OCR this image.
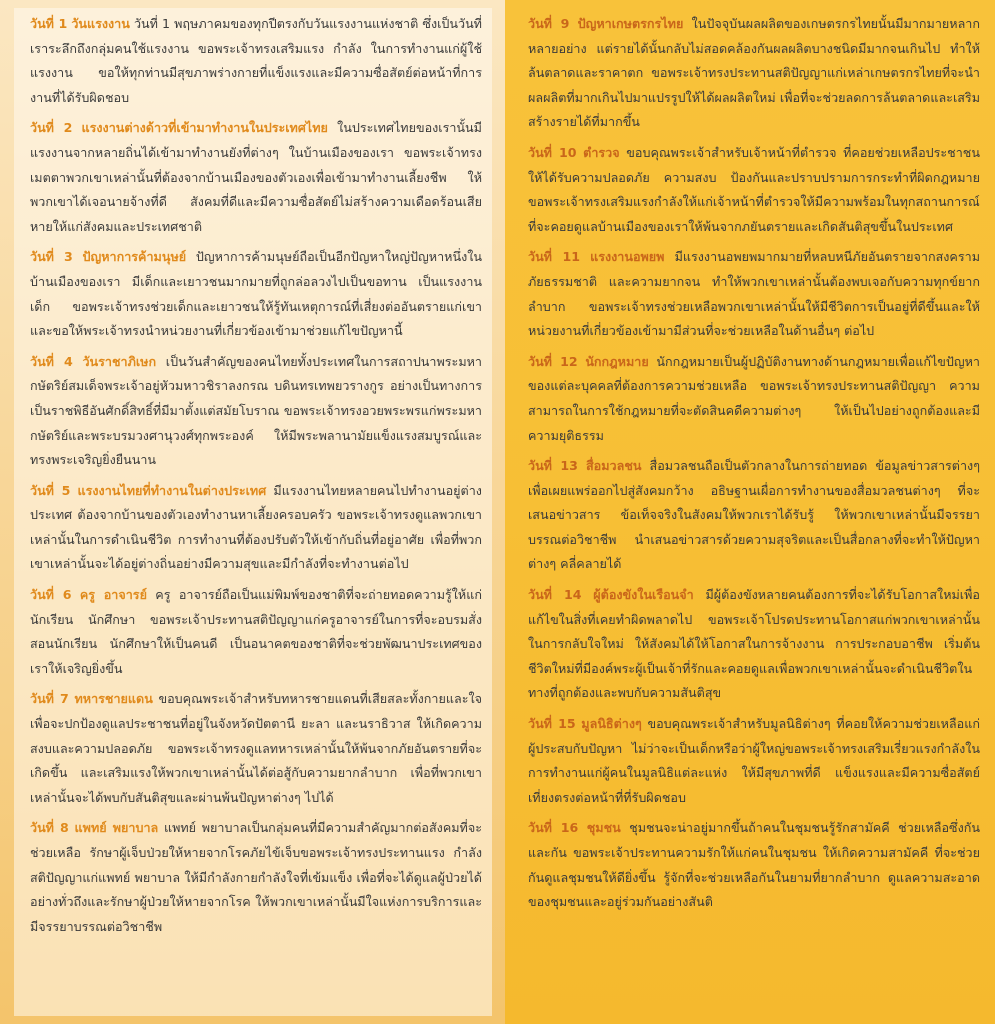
วันที่ 1 วันแรงงาน วันที่ 1 พฤษภาคมของทุกปีตรงกับวันแรงงานแห่งชาติ ซึ่งเป็นวันที่เราระลึกถึงกลุ่มคนใช้แรงงาน ขอพระเจ้าทรงเสริมแรง กำลัง ในการทำงานแก่ผู้ใช้แรงงาน ขอให้ทุกท่านมีสุขภาพร่างกายที่แข็งแรงและมีความซื่อสัตย์ต่อหน้าที่การงานที่ได้รับผิดชอบ

วันที่ 2 แรงงานต่างด้าวที่เข้ามาทำงานในประเทศไทย ในประเทศไทยของเรานั้นมีแรงงานจากหลายถิ่นได้เข้ามาทำงานยังที่ต่างๆ ในบ้านเมืองของเรา ขอพระเจ้าทรงเมตตาพวกเขาเหล่านั้นที่ต้องจากบ้านเมืองของตัวเองเพื่อเข้ามาทำงานเลี้ยงชีพ ให้พวกเขาได้เจอนายจ้างที่ดี สังคมที่ดีและมีความซื่อสัตย์ไม่สร้างความเดือดร้อนเสียหายให้แก่สังคมและประเทศชาติ

วันที่ 3 ปัญหาการค้ามนุษย์ ปัญหาการค้ามนุษย์ถือเป็นอีกปัญหาใหญ่ปัญหาหนึ่งในบ้านเมืองของเรา มีเด็กและเยาวชนมากมายที่ถูกล่อลวงไปเป็นขอทาน เป็นแรงงานเด็ก ขอพระเจ้าทรงช่วยเด็กและเยาวชนให้รู้ทันเหตุการณ์ที่เสี่ยงต่ออันตรายแก่เขาและขอให้พระเจ้าทรงนำหน่วยงานที่เกี่ยวข้องเข้ามาช่วยแก้ไขปัญหานี้

วันที่ 4 วันราชาภิเษก เป็นวันสำคัญของคนไทยทั้งประเทศในการสถาปนาพระมหากษัตริย์สมเด็จพระเจ้าอยู่หัวมหาวชิราลงกรณ บดินทรเทพยวรางกูร อย่างเป็นทางการ เป็นราชพิธีอันศักดิ์สิทธิ์ที่มีมาตั้งแต่สมัยโบราณ ขอพระเจ้าทรงอวยพระพรแก่พระมหากษัตริย์และพระบรมวงศานุวงศ์ทุกพระองค์ ให้มีพระพลานามัยแข็งแรงสมบูรณ์และทรงพระเจริญยิ่งยืนนาน

วันที่ 5 แรงงานไทยที่ทำงานในต่างประเทศ มีแรงงานไทยหลายคนไปทำงานอยู่ต่างประเทศ ต้องจากบ้านของตัวเองทำงานหาเลี้ยงครอบครัว ขอพระเจ้าทรงดูแลพวกเขาเหล่านั้นในการดำเนินชีวิต การทำงานที่ต้องปรับตัวให้เข้ากับถิ่นที่อยู่อาศัย เพื่อที่พวกเขาเหล่านั้นจะได้อยู่ต่างถิ่นอย่างมีความสุขและมีกำลังที่จะทำงานต่อไป

วันที่ 6 ครู อาจารย์ ครู อาจารย์ถือเป็นแม่พิมพ์ของชาติที่จะถ่ายทอดความรู้ให้แก่นักเรียน นักศึกษา ขอพระเจ้าประทานสติปัญญาแก่ครูอาจารย์ในการที่จะอบรมสั่งสอนนักเรียน นักศึกษาให้เป็นคนดี เป็นอนาคตของชาติที่จะช่วยพัฒนาประเทศของเราให้เจริญยิ่งขึ้น

วันที่ 7 ทหารชายแดน ขอบคุณพระเจ้าสำหรับทหารชายแดนที่เสียสละทั้งกายและใจ เพื่อจะปกป้องดูแลประชาชนที่อยู่ในจังหวัดปัตตานี ยะลา และนราธิวาส ให้เกิดความสงบและความปลอดภัย ขอพระเจ้าทรงดูแลทหารเหล่านั้นให้พ้นจากภัยอันตรายที่จะเกิดขึ้น และเสริมแรงให้พวกเขาเหล่านั้นได้ต่อสู้กับความยากลำบาก เพื่อที่พวกเขาเหล่านั้นจะได้พบกับสันติสุขและผ่านพ้นปัญหาต่างๆ ไปได้

วันที่ 8 แพทย์ พยาบาล แพทย์ พยาบาลเป็นกลุ่มคนที่มีความสำคัญมากต่อสังคมที่จะช่วยเหลือ รักษาผู้เจ็บป่วยให้หายจากโรคภัยไข้เจ็บขอพระเจ้าทรงประทานแรง กำลัง สติปัญญาแก่แพทย์ พยาบาล ให้มีกำลังกายกำลังใจที่เข้มแข็ง เพื่อที่จะได้ดูแลผู้ป่วยได้อย่างทั่วถึงและรักษาผู้ป่วยให้หายจากโรค ให้พวกเขาเหล่านั้นมีใจแห่งการบริการและมีจรรยาบรรณต่อวิชาชีพ

วันที่ 9 ปัญหาเกษตรกรไทย ในปัจจุบันผลผลิตของเกษตรกรไทยนั้นมีมากมายหลากหลายอย่าง แต่รายได้นั้นกลับไม่สอดคล้องกันผลผลิตบางชนิดมีมากจนเกินไป ทำให้ล้นตลาดและราคาตก ขอพระเจ้าทรงประทานสติปัญญาแก่เหล่าเกษตรกรไทยที่จะนำผลผลิตที่มากเกินไปมาแปรรูปให้ได้ผลผลิตใหม่ เพื่อที่จะช่วยลดการล้นตลาดและเสริมสร้างรายได้ที่มากขึ้น

วันที่ 10 ตำรวจ ขอบคุณพระเจ้าสำหรับเจ้าหน้าที่ตำรวจ ที่คอยช่วยเหลือประชาชนให้ได้รับความปลอดภัย ความสงบ ป้องกันและปราบปรามการกระทำที่ผิดกฎหมาย ขอพระเจ้าทรงเสริมแรงกำลังให้แก่เจ้าหน้าที่ตำรวจให้มีความพร้อมในทุกสถานการณ์ ที่จะคอยดูแลบ้านเมืองของเราให้พ้นจากภยันตรายและเกิดสันติสุขขึ้นในประเทศ

วันที่ 11 แรงงานอพยพ มีแรงงานอพยพมากมายที่หลบหนีภัยอันตรายจากสงคราม ภัยธรรมชาติ และความยากจน ทำให้พวกเขาเหล่านั้นต้องพบเจอกับความทุกข์ยากลำบาก ขอพระเจ้าทรงช่วยเหลือพวกเขาเหล่านั้นให้มีชีวิตการเป็นอยู่ที่ดีขึ้นและให้หน่วยงานที่เกี่ยวข้องเข้ามามีส่วนที่จะช่วยเหลือในด้านอื่นๆ ต่อไป

วันที่ 12 นักกฎหมาย นักกฎหมายเป็นผู้ปฏิบัติงานทางด้านกฎหมายเพื่อแก้ไขปัญหาของแต่ละบุคคลที่ต้องการความช่วยเหลือ ขอพระเจ้าทรงประทานสติปัญญา ความสามารถในการใช้กฎหมายที่จะตัดสินคดีความต่างๆ ให้เป็นไปอย่างถูกต้องและมีความยุติธรรม

วันที่ 13 สื่อมวลชน สื่อมวลชนถือเป็นตัวกลางในการถ่ายทอด ข้อมูลข่าวสารต่างๆ เพื่อเผยแพร่ออกไปสู่สังคมกว้าง อธิษฐานเผื่อการทำงานของสื่อมวลชนต่างๆ ที่จะเสนอข่าวสาร ข้อเท็จจริงในสังคมให้พวกเราได้รับรู้ ให้พวกเขาเหล่านั้นมีจรรยาบรรณต่อวิชาชีพ นำเสนอข่าวสารด้วยความสุจริตและเป็นสื่อกลางที่จะทำให้ปัญหาต่างๆ คลี่คลายได้

วันที่ 14 ผู้ต้องขังในเรือนจำ มีผู้ต้องขังหลายคนต้องการที่จะได้รับโอกาสใหม่เพื่อแก้ไขในสิ่งที่เคยทำผิดพลาดไป ขอพระเจ้าโปรดประทานโอกาสแก่พวกเขาเหล่านั้นในการกลับใจใหม่ ให้สังคมได้ให้โอกาสในการจ้างงาน การประกอบอาชีพ เริ่มต้นชีวิตใหม่ที่มีองค์พระผู้เป็นเจ้าที่รักและคอยดูแลเพื่อพวกเขาเหล่านั้นจะดำเนินชีวิตในทางที่ถูกต้องและพบกับความสันติสุข

วันที่ 15 มูลนิธิต่างๆ ขอบคุณพระเจ้าสำหรับมูลนิธิต่างๆ ที่คอยให้ความช่วยเหลือแก่ผู้ประสบกับปัญหา ไม่ว่าจะเป็นเด็กหรือว่าผู้ใหญ่ขอพระเจ้าทรงเสริมเรี่ยวแรงกำลังในการทำงานแก่ผู้คนในมูลนิธิแต่ละแห่ง ให้มีสุขภาพที่ดี แข็งแรงและมีความซื่อสัตย์ เที่ยงตรงต่อหน้าที่ที่รับผิดชอบ

วันที่ 16 ชุมชน ชุมชนจะน่าอยู่มากขึ้นถ้าคนในชุมชนรู้รักสามัคคี ช่วยเหลือซึ่งกันและกัน ขอพระเจ้าประทานความรักให้แก่คนในชุมชน ให้เกิดความสามัคคี ที่จะช่วยกันดูแลชุมชนให้ดียิ่งขึ้น รู้จักที่จะช่วยเหลือกันในยามที่ยากลำบาก ดูแลความสะอาดของชุมชนและอยู่ร่วมกันอย่างสันติ
